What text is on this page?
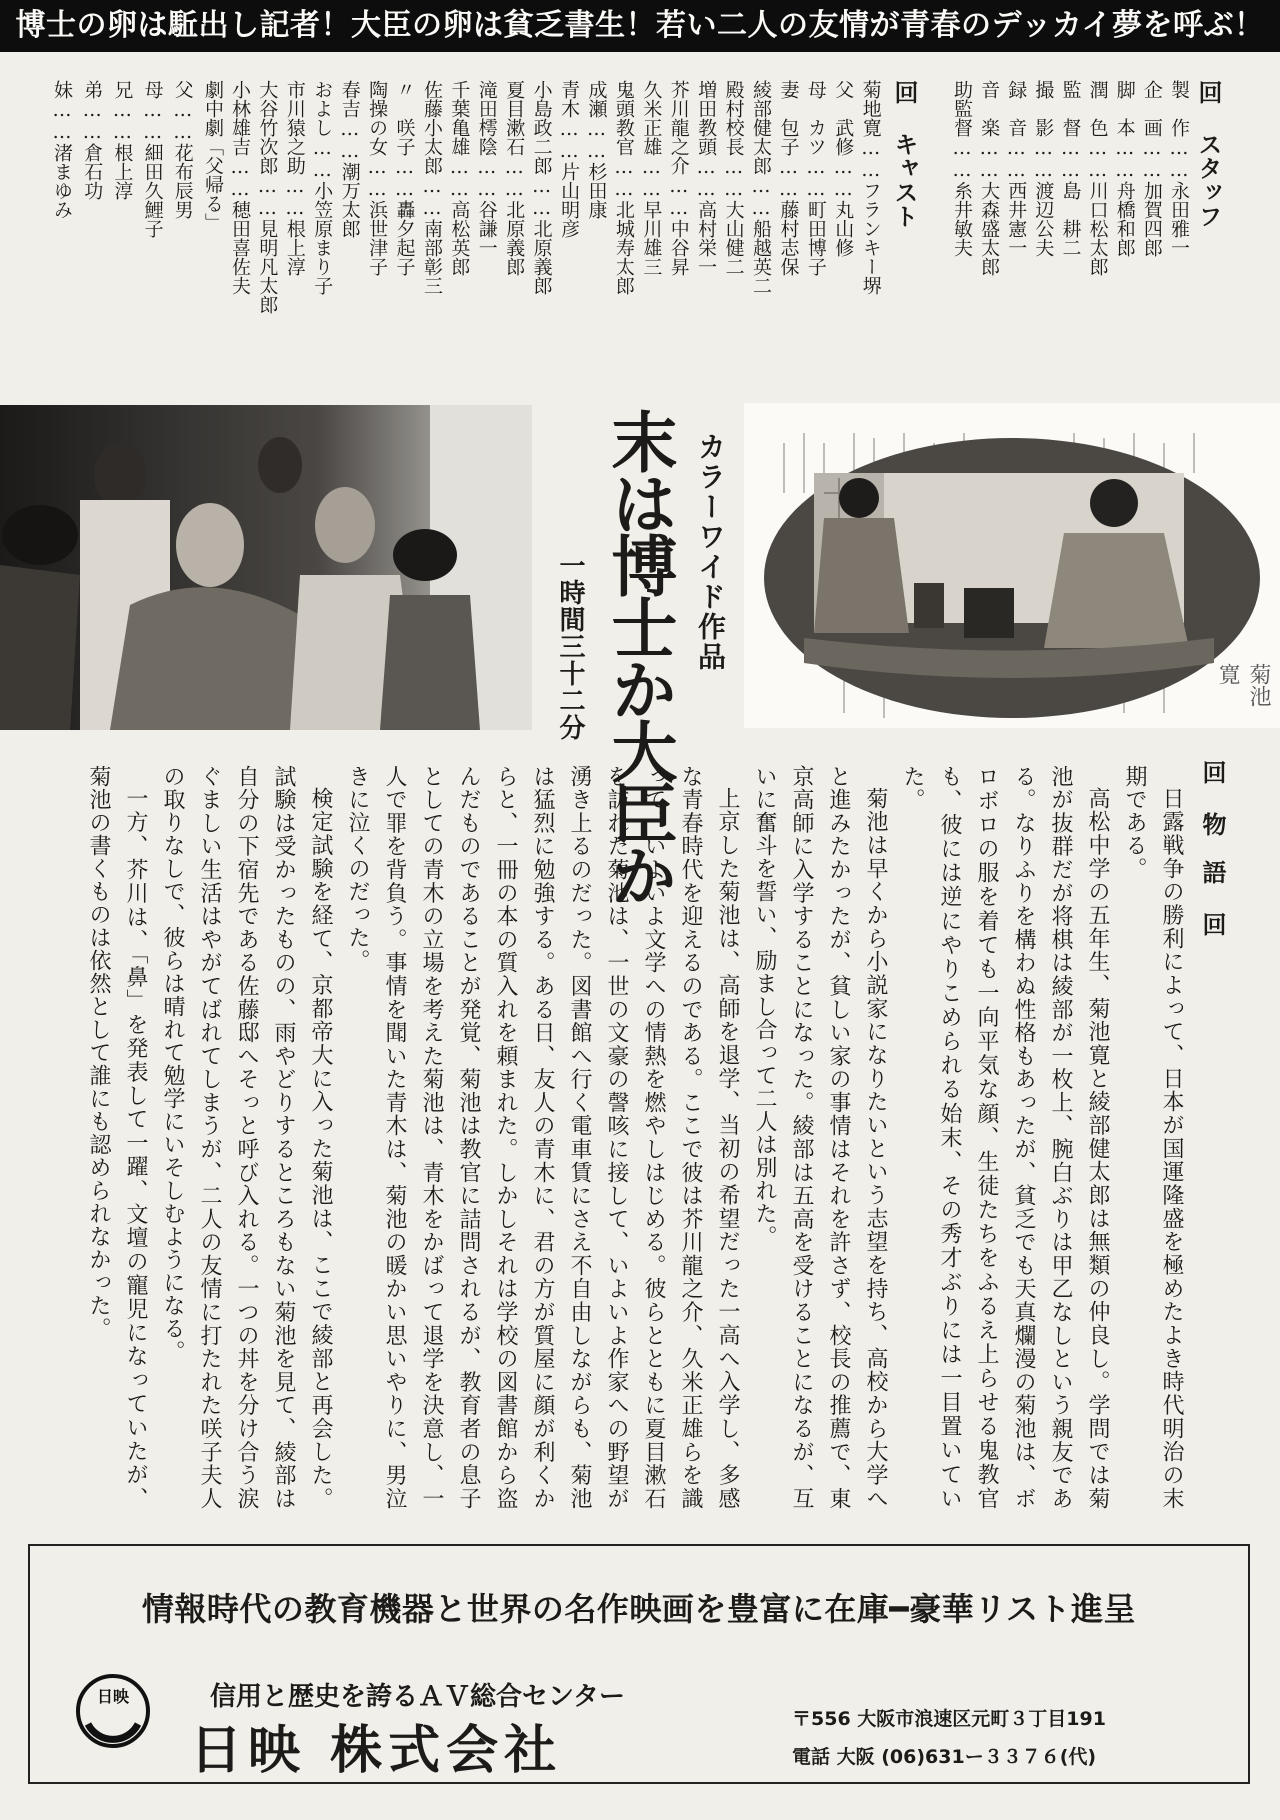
博士の卵は駈出し記者！大臣の卵は貧乏書生！若い二人の友情が青春のデッカイ夢を呼ぶ！
回 スタッフ
製　作……永田雅一
企　画……加賀四郎
脚　本……舟橋和郎
潤　色……川口松太郎
監　督……島　耕二
撮　影……渡辺公夫
録　音……西井憲一
音　楽……大森盛太郎
助監督……糸井敏夫
回 キャスト
菊地寛……フランキー堺
父　武修……丸山修
母　カツ……町田博子
妻　包子……藤村志保
綾部健太郎……船越英二
殿村校長……大山健二
増田教頭……高村栄一
芥川龍之介……中谷昇
久米正雄……早川雄三
鬼頭教官……北城寿太郎
成瀬……杉田康
青木……片山明彦
小島政二郎……北原義郎
夏目漱石……北原義郎
滝田樗陰……谷謙一
千葉亀雄……高松英郎
佐藤小太郎……南部彰三
〃　咲子……轟夕起子
陶操の女……浜世津子
春吉……潮万太郎
およし……小笠原まり子
市川猿之助……根上淳
大谷竹次郎……見明凡太郎
小林雄吉……穂田喜佐夫
劇中劇「父帰る」
父……花布辰男
母……細田久鯉子
兄……根上淳
弟……倉石功
妹……渚まゆみ
カラーワイド作品
末は博士か大臣か
一時間三十二分	菊池寛
回 物　語 回

日露戦争の勝利によって、日本が国運隆盛を極めたよき時代明治の末期である。

高松中学の五年生、菊池寛と綾部健太郎は無類の仲良し。学問では菊池が抜群だが将棋は綾部が一枚上、腕白ぶりは甲乙なしという親友である。なりふりを構わぬ性格もあったが、貧乏でも天真爛漫の菊池は、ボロボロの服を着ても一向平気な顔、生徒たちをふるえ上らせる鬼教官も、彼には逆にやりこめられる始末、その秀才ぶりには一目置いていた。

菊池は早くから小説家になりたいという志望を持ち、高校から大学へと進みたかったが、貧しい家の事情はそれを許さず、校長の推薦で、東京高師に入学することになった。綾部は五高を受けることになるが、互いに奮斗を誓い、励まし合って二人は別れた。

上京した菊池は、高師を退学、当初の希望だった一高へ入学し、多感な青春時代を迎えるのである。ここで彼は芥川龍之介、久米正雄らを識って、いよいよ文学への情熱を燃やしはじめる。彼らとともに夏目漱石を訪れた菊池は、一世の文豪の謦咳に接して、いよいよ作家への野望が湧き上るのだった。図書館へ行く電車賃にさえ不自由しながらも、菊池は猛烈に勉強する。ある日、友人の青木に、君の方が質屋に顔が利くからと、一冊の本の質入れを頼まれた。しかしそれは学校の図書館から盗んだものであることが発覚、菊池は教官に詰問されるが、教育者の息子としての青木の立場を考えた菊池は、青木をかばって退学を決意し、一人で罪を背負う。事情を聞いた青木は、菊池の暖かい思いやりに、男泣きに泣くのだった。

検定試験を経て、京都帝大に入った菊池は、ここで綾部と再会した。試験は受かったものの、雨やどりするところもない菊池を見て、綾部は自分の下宿先である佐藤邸へそっと呼び入れる。一つの丼を分け合う涙ぐましい生活はやがてばれてしまうが、二人の友情に打たれた咲子夫人の取りなしで、彼らは晴れて勉学にいそしむようになる。

一方、芥川は、「鼻」を発表して一躍、文壇の寵児になっていたが、菊池の書くものは依然として誰にも認められなかった。

情報時代の教育機器と世界の名作映画を豊富に在庫━豪華リスト進呈
日映	信用と歴史を誇るＡＶ総合センター
日映 株式会社
〒556 大阪市浪速区元町３丁目191
電話 大阪 (06)631ー３３７６(代)
